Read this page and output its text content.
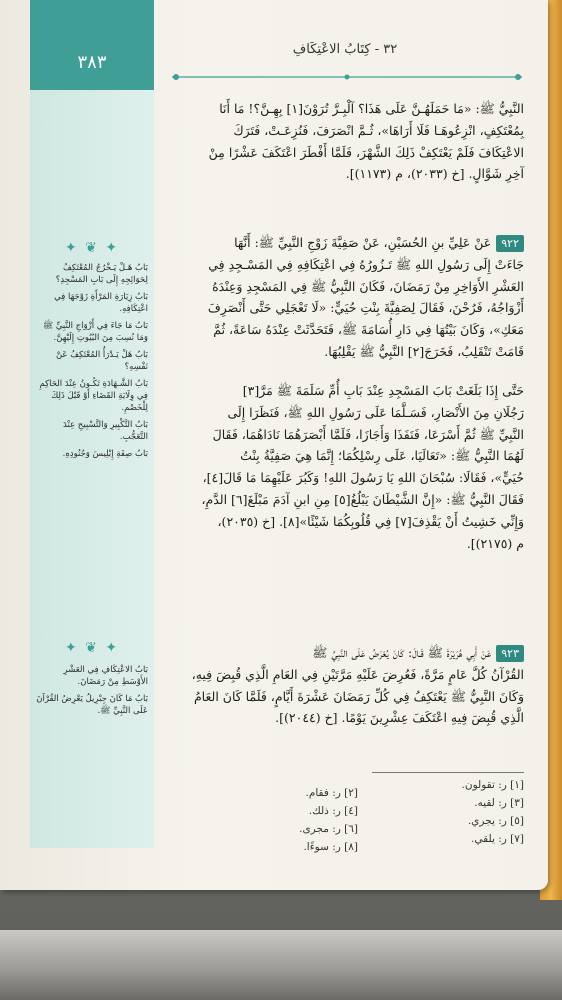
٣٨٣
✦ ❦ ✦

بَابُ هَـلْ يَـخْرُجُ المُعْتَكِفُ لِحَوَائِجِهِ إِلَى بَابِ المَسْجِدِ؟

بَابُ زِيَارَةِ المَرْأَةِ زَوْجَهَا فِي اعْتِكَافِهِ.

بَابُ مَا جَاءَ فِي أَزْوَاجِ النَّبِيِّ ﷺ وَمَا نُسِبَ مِنَ البُيُوتِ إِلَيْهِنَّ.

بَابُ هَلْ يَـدْرَأُ المُعْتَكِفُ عَنْ نَفْسِهِ؟

بَابُ الشَّـهَادَةِ تَكُـونُ عِنْدَ الحَاكِمِ فِي وِلَايَةِ القَضَاءِ أَوْ قَبْلَ ذَلِكَ لِلْخَصْمِ.

بَابُ التَّكْبِيرِ وَالتَّسْبِيحِ عِنْدَ التَّعَجُّبِ.

بَابُ صِفَةِ إِبْلِيسَ وَجُنُودِهِ.

✦ ❦ ✦

بَابُ الاعْتِكَافِ فِي العَشْرِ الأَوْسَطِ مِنْ رَمَضَانَ.

بَابُ مَا كَانَ جِبْرِيلُ يَعْرِضُ القُرْآنَ عَلَى النَّبِيِّ ﷺ.

٣٢ - كِتَابُ الاعْتِكَافِ

النَّبِيُّ ﷺ: «مَا حَمَلَهُـنَّ عَلَى هَذَا؟ آلْبِـرَّ تُرَوْنَ[١] بِهِـنَّ؟! مَا أَنَا

بِمُعْتَكِفٍ، انْزِعُوهَـا فَلَا أَرَاهَا»، ثُـمَّ انْصَرَفَ، فَنُزِعَـتْ، فَتَرَكَ

الاعْتِكَافَ فَلَمْ يَعْتَكِفْ ذَلِكَ الشَّهْرَ، فَلَمَّا أَفْطَرَ اعْتَكَفَ عَشْرًا مِنْ

آخِرِ شَوَّالٍ. [خ (٢٠٣٣)، م (١١٧٣)].

٩٢٢عَنْ عَلِيِّ بنِ الحُسَيْنِ، عَنْ صَفِيَّةَ زَوْجِ النَّبِيِّ ﷺ: أَنَّهَا

جَاءَتْ إِلَى رَسُولِ اللهِ ﷺ تَـزُورُهُ فِي اعْتِكَافِهِ فِي المَسْـجِدِ فِي

العَشْرِ الأَوَاخِرِ مِنْ رَمَضَانَ، فَكَانَ النَّبِيُّ ﷺ فِي المَسْجِدِ وَعِنْدَهُ

أَزْوَاجُهُ، فَرُحْنَ، فَقَالَ لِصَفِيَّةَ بِنْتِ حُيَيٍّ: «لَا تَعْجَلِي حَتَّى أَنْصَرِفَ

مَعَكِ»، وَكَانَ بَيْتُهَا فِي دَارِ أُسَامَةَ ﷺ، فَتَحَدَّثَتْ عِنْدَهُ سَاعَةً، ثُمَّ

قَامَتْ تَنْقَلِبُ، فَخَرَجَ[٢] النَّبِيُّ ﷺ يَقْلِبُهَا.

حَتَّى إِذَا بَلَغَتْ بَابَ المَسْجِدِ عِنْدَ بَابِ أُمِّ سَلَمَةَ ﷺ مَرَّ[٣]

رَجُلَانِ مِنَ الأَنْصَارِ، فَسَـلَّمَا عَلَى رَسُولِ اللهِ ﷺ، فَنَظَرَا إِلَى

النَّبِيِّ ﷺ ثُمَّ أَسْرَعَا، فَنَفَذَا وَأَجَازَا، فَلَمَّا أَبْصَرَهُمَا نَادَاهُمَا، فَقَالَ

لَهُمَا النَّبِيُّ ﷺ: «تَعَالَيَا، عَلَى رِسْلِكُمَا؛ إِنَّمَا هِيَ صَفِيَّةُ بِنْتُ

حُيَيٍّ»، فَقَالَا: سُبْحَانَ اللهِ يَا رَسُولَ اللهِ! وَكَبُرَ عَلَيْهِمَا مَا قَالَ[٤]،

فَقَالَ النَّبِيُّ ﷺ: «إِنَّ الشَّيْطَانَ يَبْلُغُ[٥] مِنِ ابنِ آدَمَ مَبْلَغَ[٦] الدَّمِ،

وَإِنِّي خَشِيتُ أَنْ يَقْذِفَ[٧] فِي قُلُوبِكُمَا شَيْئًا»[٨]. [خ (٢٠٣٥)،

م (٢١٧٥)].

٩٢٣عَنْ أَبِي هُرَيْرَةَ ﷺ قَـالَ: كَانَ يُعْرَضُ عَلَى النَّبِيِّ ﷺ

القُرْآنُ كُلَّ عَامٍ مَرَّةً، فَعُرِضَ عَلَيْهِ مَرَّتَيْنِ فِي العَامِ الَّذِي قُبِضَ فِيهِ،

وَكَانَ النَّبِيُّ ﷺ يَعْتَكِفُ فِي كُلِّ رَمَضَانَ عَشْرَةَ أَيَّامٍ، فَلَمَّا كَانَ العَامُ

الَّذِي قُبِضَ فِيهِ اعْتَكَفَ عِشْرِينَ يَوْمًا. [خ (٢٠٤٤)].

[١] ر: تقولون.
[٣] ر: لقيه.
[٥] ر: يجري.
[٧] ر: يلقي.
[٢] ر: فقام.
[٤] ر: ذلك.
[٦] ر: مجرى.
[٨] ر: سوءًا.
